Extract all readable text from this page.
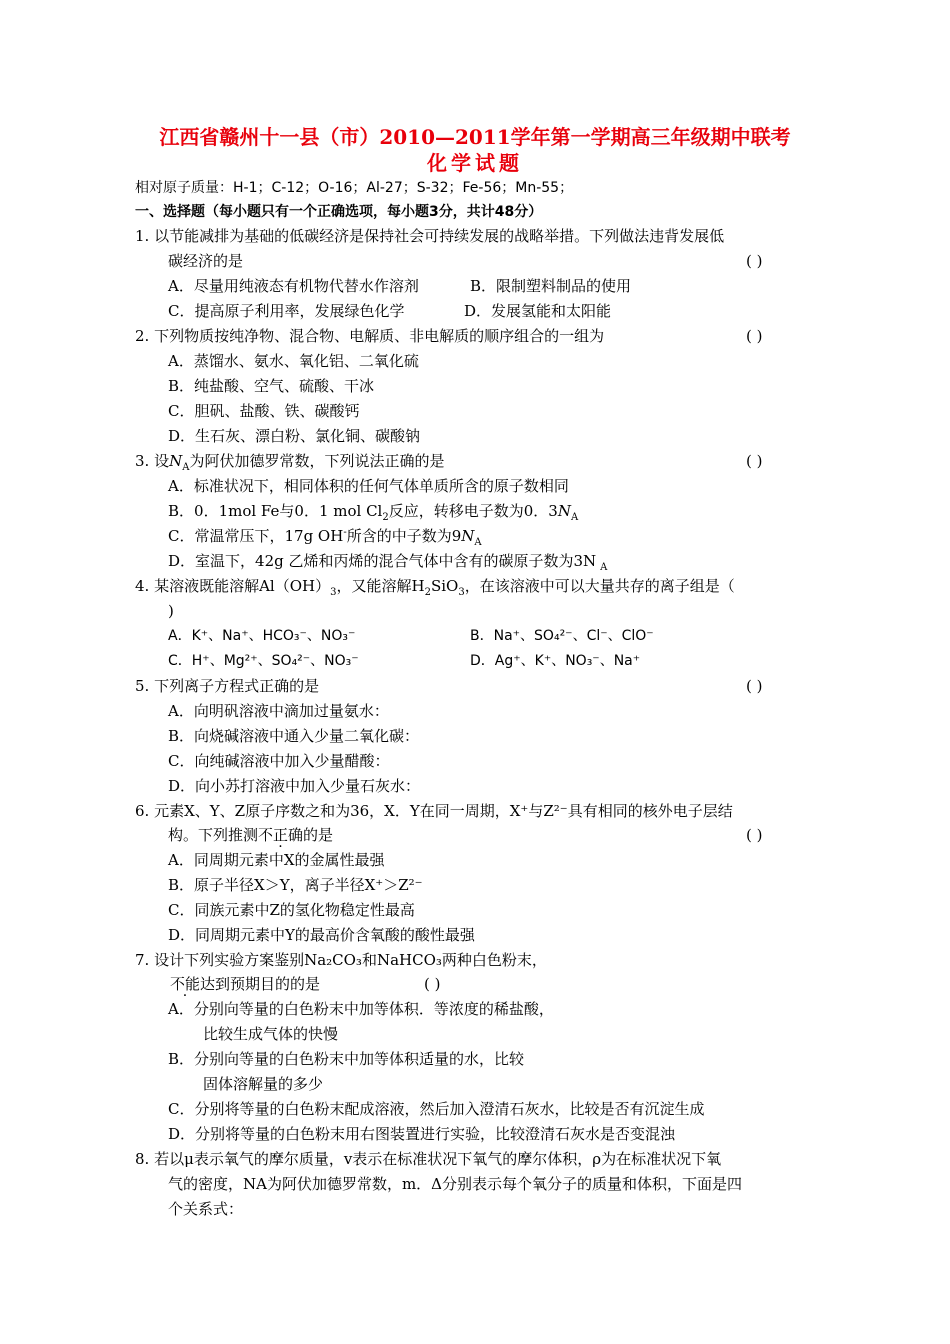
江西省赣州十一县（市）2010—2011学年第一学期高三年级期中联考
化学试题
相对原子质量：H-1；C-12；O-16；Al-27；S-32；Fe-56；Mn-55；
一、选择题（每小题只有一个正确选项，每小题3分，共计48分）
1. 以节能减排为基础的低碳经济是保持社会可持续发展的战略举措。下列做法违背发展低
碳经济的是	( )
A．尽量用纯液态有机物代替水作溶剂	B．限制塑料制品的使用
C．提高原子利用率，发展绿色化学	D．发展氢能和太阳能
2. 下列物质按纯净物、混合物、电解质、非电解质的顺序组合的一组为	( )
A．蒸馏水、氨水、氧化铝、二氧化硫
B．纯盐酸、空气、硫酸、干冰
C．胆矾、盐酸、铁、碳酸钙
D．生石灰、漂白粉、氯化铜、碳酸钠
3. 设$N_A$为阿伏加德罗常数，下列说法正确的是	( )
A．标准状况下，相同体积的任何气体单质所含的原子数相同
B．0．1mol Fe与0．1 mol $Cl_2$反应，转移电子数为0．$3N_A$
C．常温常压下，17g OH-所含的中子数为$9N_A$
D．室温下，42g 乙烯和丙烯的混合气体中含有的碳原子数为3N $_A$
4. 某溶液既能溶解$Al(OH)_3$，又能溶解$H_2SiO_3$，在该溶液中可以大量共存的离子组是（
)
A．K⁺、Na⁺、HCO₃⁻、NO₃⁻	B．Na⁺、SO₄²⁻、Cl⁻、ClO⁻
C．H⁺、Mg²⁺、SO₄²⁻、NO₃⁻	D．Ag⁺、K⁺、NO₃⁻、Na⁺
5. 下列离子方程式正确的是	( )
A．向明矾溶液中滴加过量氨水：
B．向烧碱溶液中通入少量二氧化碳：
C．向纯碱溶液中加入少量醋酸：
D．向小苏打溶液中加入少量石灰水：
6. 元素X、Y、Z原子序数之和为36，X．Y在同一周期，X⁺与Z²⁻具有相同的核外电子层结
构。下列推测不正确的是	( )
A．同周期元素中X的金属性最强
B．原子半径X＞Y，离子半径X⁺＞Z²⁻
C．同族元素中Z的氢化物稳定性最高
D．同周期元素中Y的最高价含氧酸的酸性最强
7. 设计下列实验方案鉴别Na₂CO₃和NaHCO₃两种白色粉末，
不能达到预期目的的是	( )
A．分别向等量的白色粉末中加等体积．等浓度的稀盐酸，
比较生成气体的快慢
B．分别向等量的白色粉末中加等体积适量的水，比较
固体溶解量的多少
C．分别将等量的白色粉末配成溶液，然后加入澄清石灰水，比较是否有沉淀生成
D．分别将等量的白色粉末用右图装置进行实验，比较澄清石灰水是否变混浊
8. 若以μ表示氧气的摩尔质量，v表示在标准状况下氧气的摩尔体积，ρ为在标准状况下氧
气的密度，NA为阿伏加德罗常数，m．Δ分别表示每个氧分子的质量和体积，下面是四
个关系式：
